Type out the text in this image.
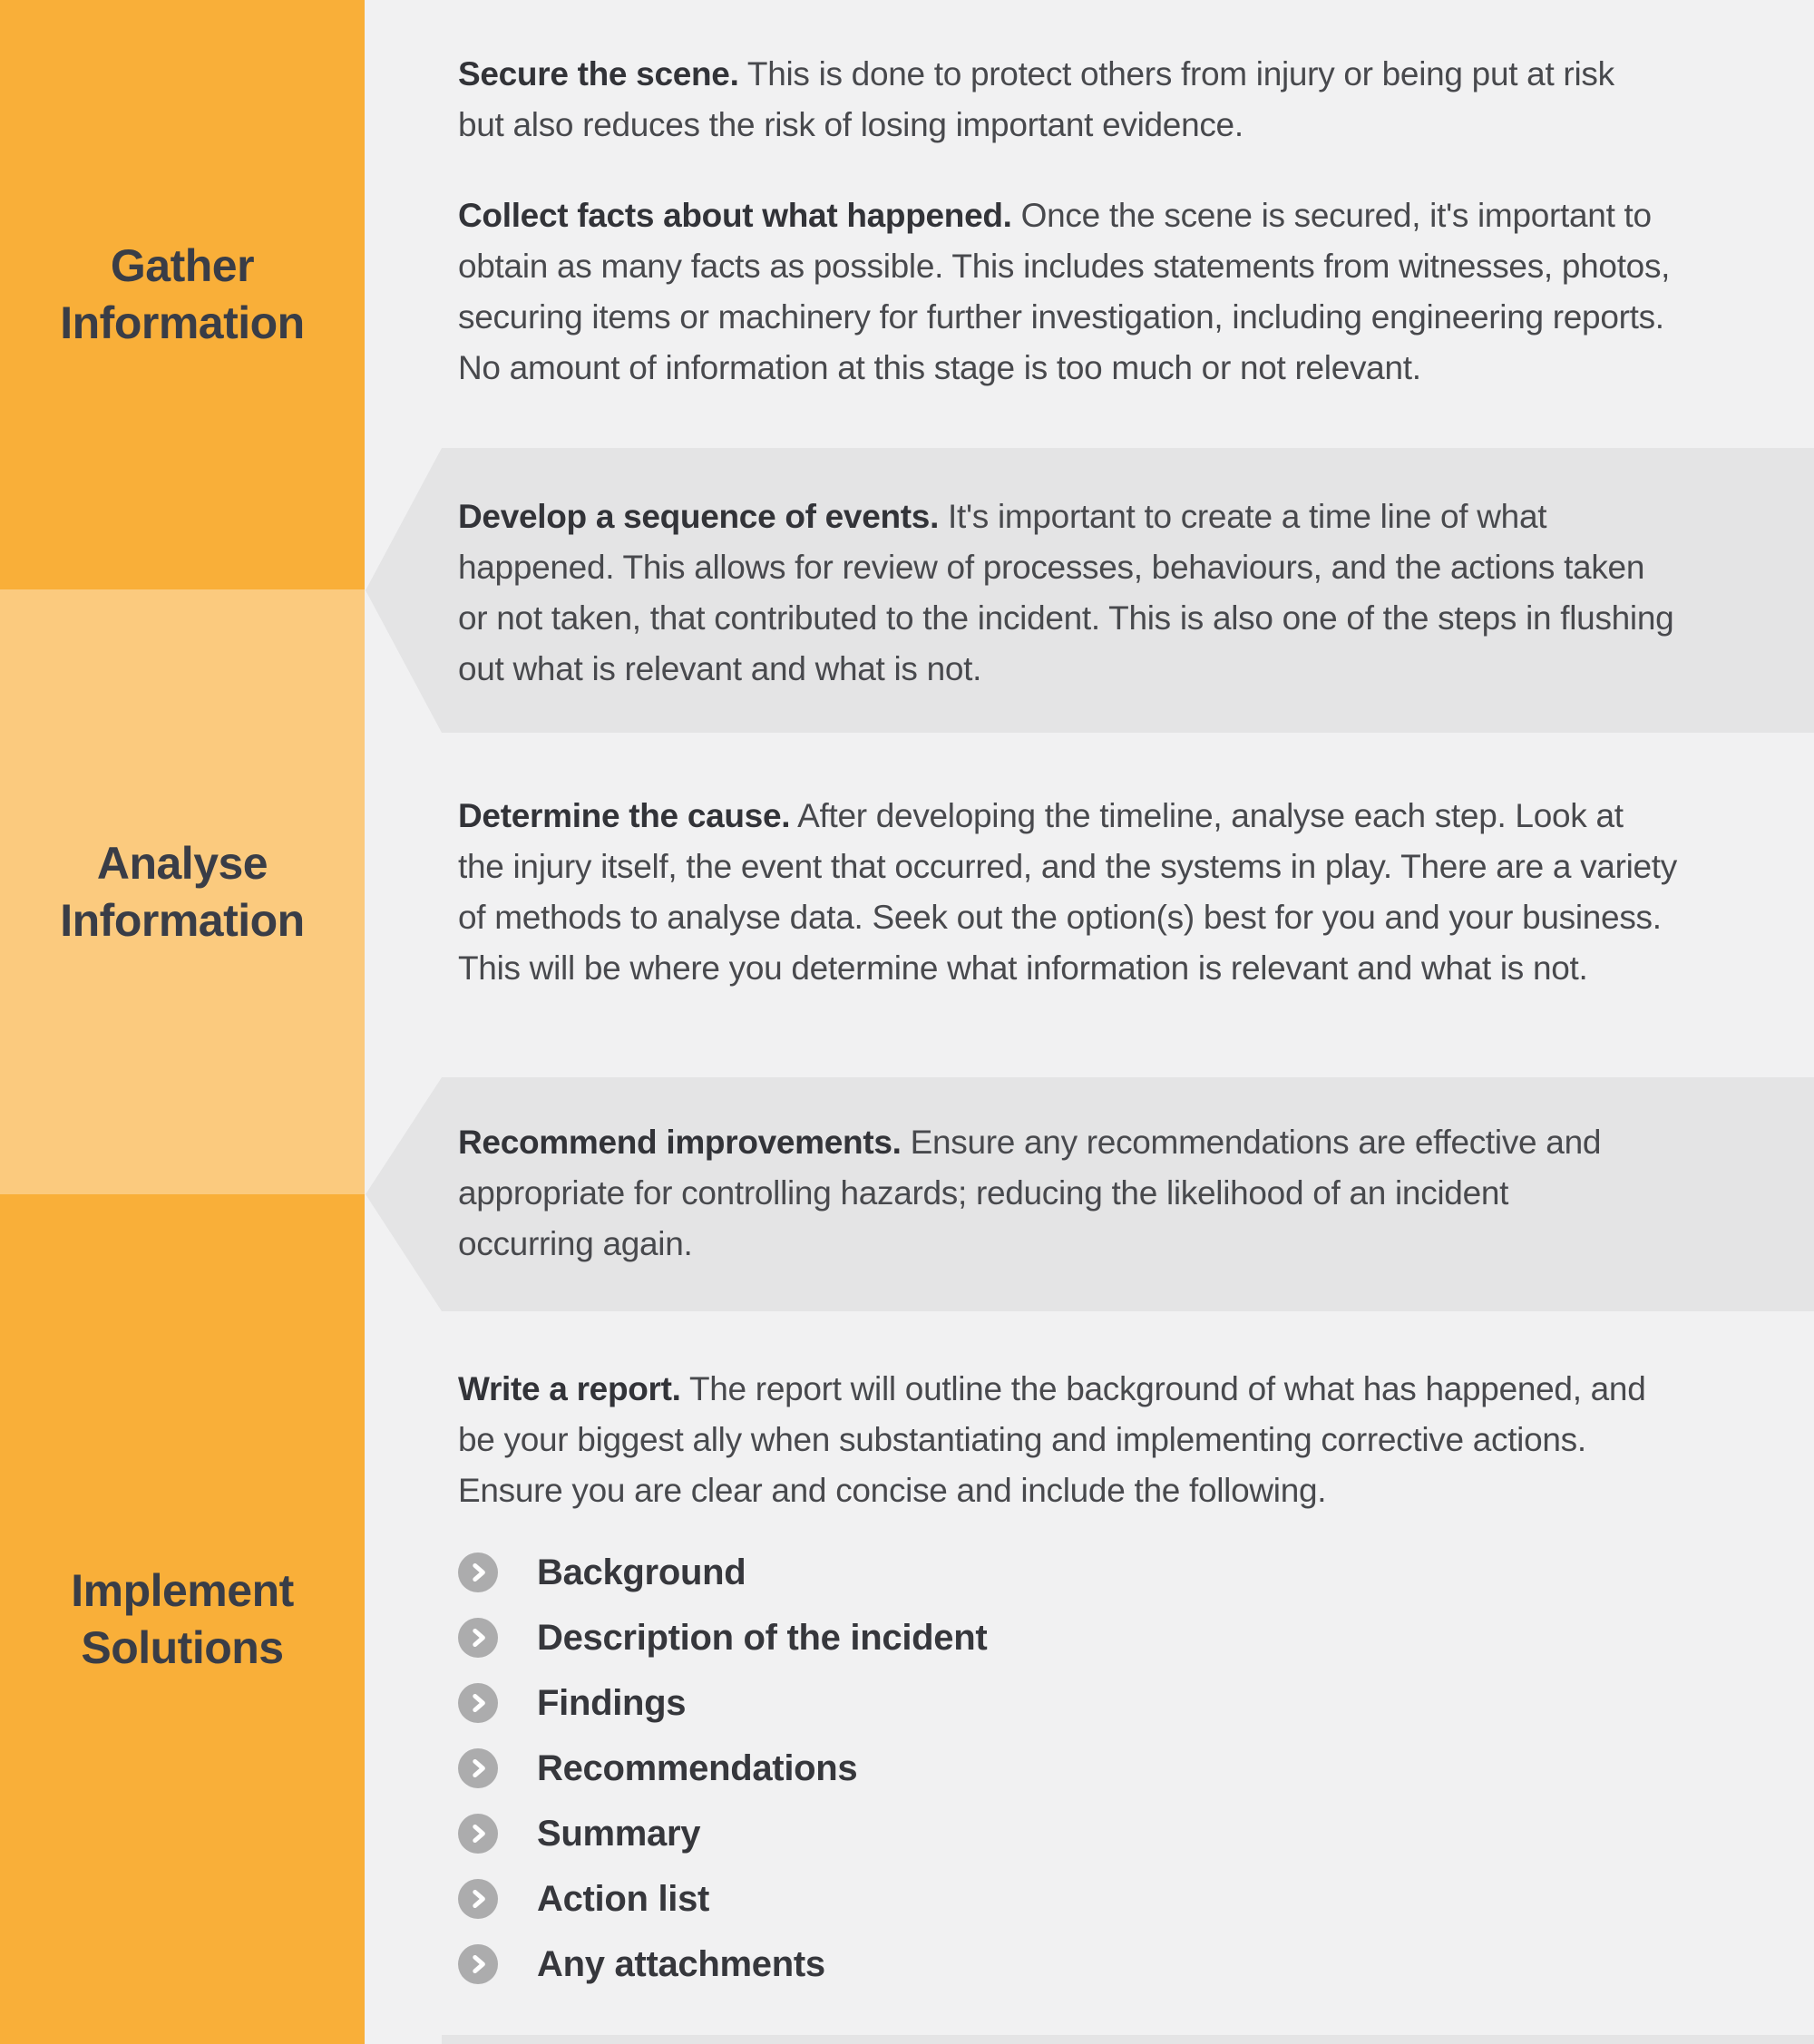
Gather
Information
Analyse
Information
Implement
Solutions
Secure the scene. This is done to protect others from injury or being put at risk
but also reduces the risk of losing important evidence.
Collect facts about what happened. Once the scene is secured, it's important to
obtain as many facts as possible. This includes statements from witnesses, photos,
securing items or machinery for further investigation, including engineering reports.
No amount of information at this stage is too much or not relevant.
Develop a sequence of events. It's important to create a time line of what
happened. This allows for review of processes, behaviours, and the actions taken
or not taken, that contributed to the incident. This is also one of the steps in flushing
out what is relevant and what is not.
Determine the cause. After developing the timeline, analyse each step. Look at
the injury itself, the event that occurred, and the systems in play. There are a variety
of methods to analyse data. Seek out the option(s) best for you and your business.
This will be where you determine what information is relevant and what is not.
Recommend improvements. Ensure any recommendations are effective and
appropriate for controlling hazards; reducing the likelihood of an incident
occurring again.
Write a report. The report will outline the background of what has happened, and
be your biggest ally when substantiating and implementing corrective actions.
Ensure you are clear and concise and include the following.
Background
Description of the incident
Findings
Recommendations
Summary
Action list
Any attachments
